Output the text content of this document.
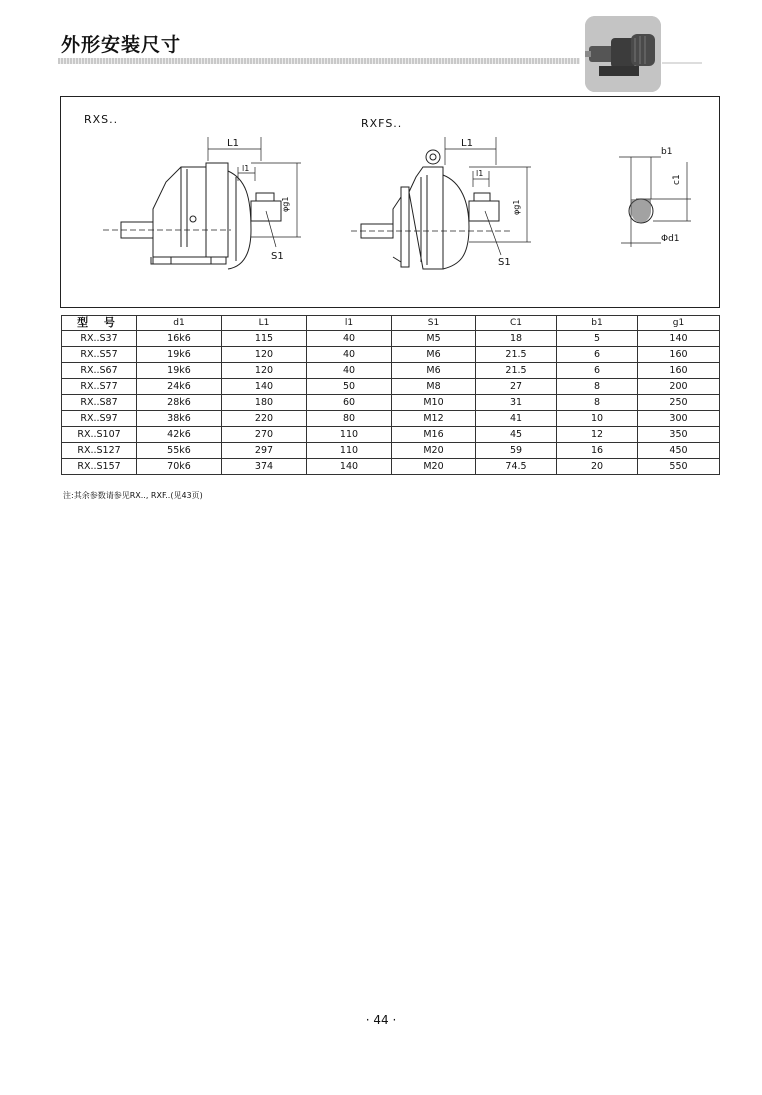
外形安装尺寸
RXS..	RXFS..
L1
l1
φg1
S1
L1
l1
φg1
S1
b1
c1
Φd1
型 号	d1	L1	l1	S1	C1	b1	g1
RX..S37	16k6	115	40	M5	18	5	140
RX..S57	19k6	120	40	M6	21.5	6	160
RX..S67	19k6	120	40	M6	21.5	6	160
RX..S77	24k6	140	50	M8	27	8	200
RX..S87	28k6	180	60	M10	31	8	250
RX..S97	38k6	220	80	M12	41	10	300
RX..S107	42k6	270	110	M16	45	12	350
RX..S127	55k6	297	110	M20	59	16	450
RX..S157	70k6	374	140	M20	74.5	20	550
注:其余参数请参见RX.., RXF..(见43页)
· 44 ·
